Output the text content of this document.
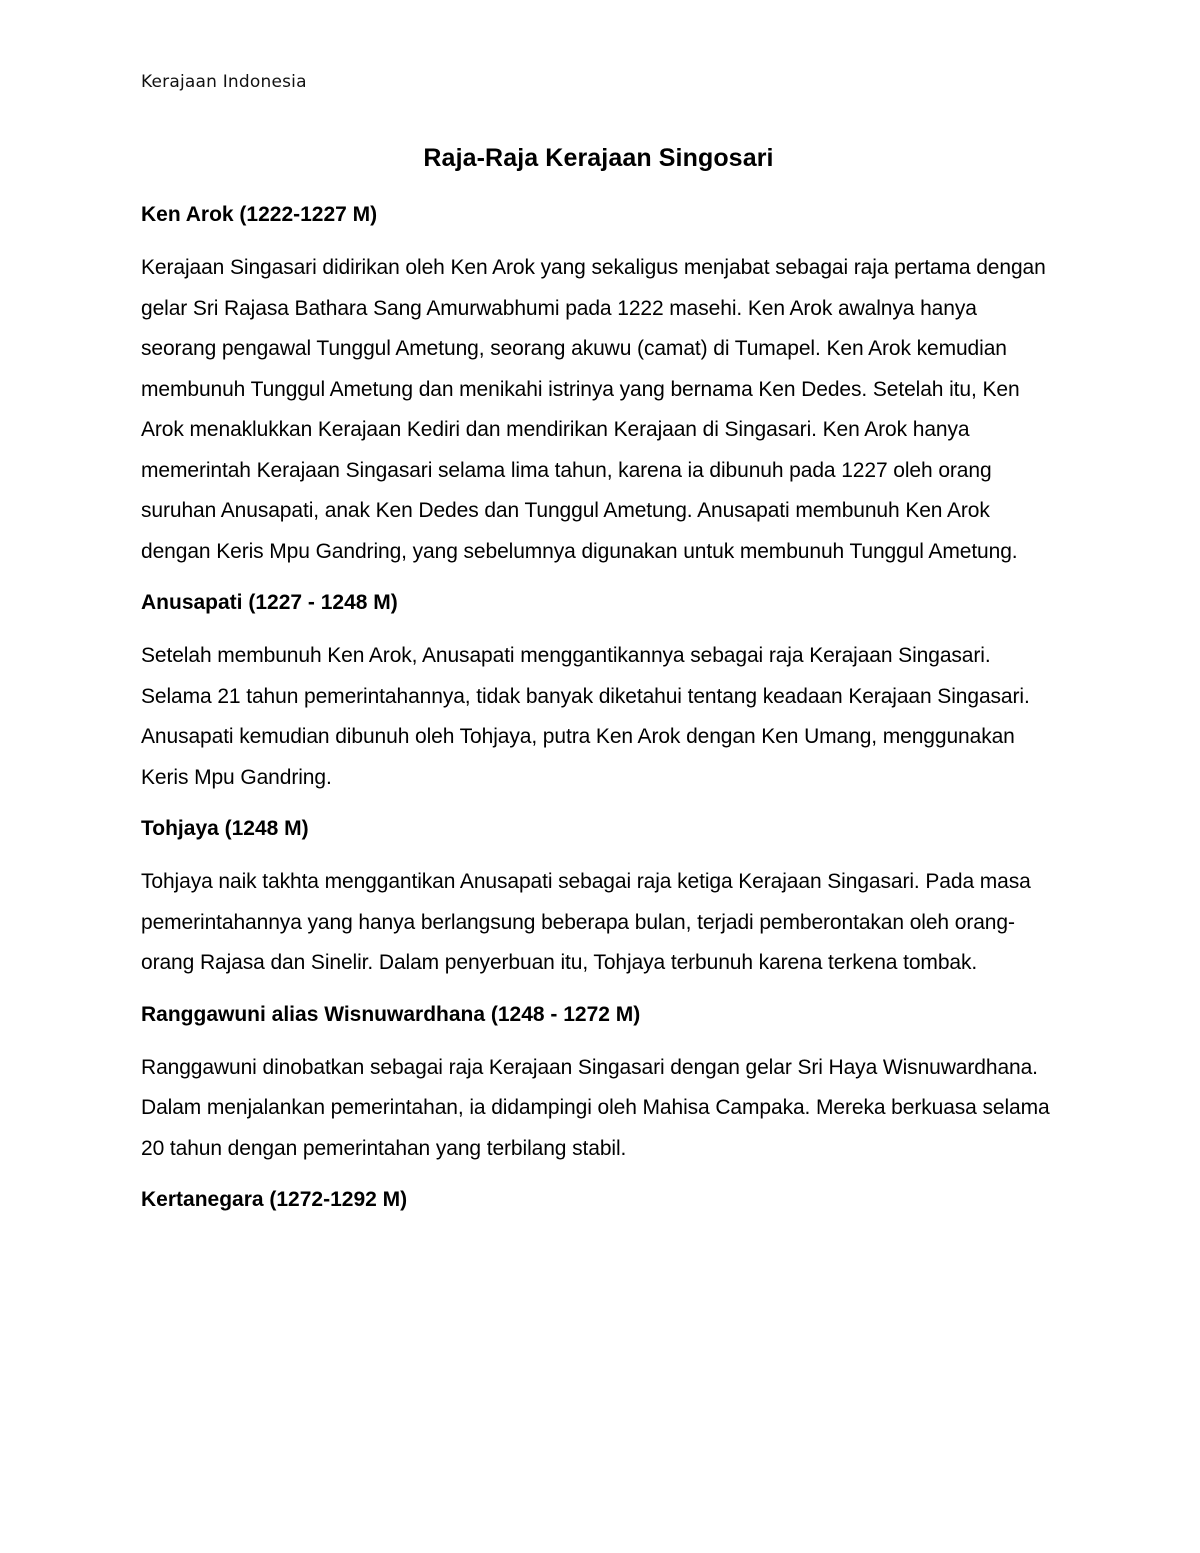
Kerajaan Indonesia
Raja-Raja Kerajaan Singosari
Ken Arok (1222-1227 M)

Kerajaan Singasari didirikan oleh Ken Arok yang sekaligus menjabat sebagai raja pertama dengan gelar Sri Rajasa Bathara Sang Amurwabhumi pada 1222 masehi. Ken Arok awalnya hanya seorang pengawal Tunggul Ametung, seorang akuwu (camat) di Tumapel. Ken Arok kemudian membunuh Tunggul Ametung dan menikahi istrinya yang bernama Ken Dedes. Setelah itu, Ken Arok menaklukkan Kerajaan Kediri dan mendirikan Kerajaan di Singasari. Ken Arok hanya memerintah Kerajaan Singasari selama lima tahun, karena ia dibunuh pada 1227 oleh orang suruhan Anusapati, anak Ken Dedes dan Tunggul Ametung. Anusapati membunuh Ken Arok dengan Keris Mpu Gandring, yang sebelumnya digunakan untuk membunuh Tunggul Ametung.

Anusapati (1227 - 1248 M)

Setelah membunuh Ken Arok, Anusapati menggantikannya sebagai raja Kerajaan Singasari. Selama 21 tahun pemerintahannya, tidak banyak diketahui tentang keadaan Kerajaan Singasari. Anusapati kemudian dibunuh oleh Tohjaya, putra Ken Arok dengan Ken Umang, menggunakan Keris Mpu Gandring.

Tohjaya (1248 M)

Tohjaya naik takhta menggantikan Anusapati sebagai raja ketiga Kerajaan Singasari. Pada masa pemerintahannya yang hanya berlangsung beberapa bulan, terjadi pemberontakan oleh orang-orang Rajasa dan Sinelir. Dalam penyerbuan itu, Tohjaya terbunuh karena terkena tombak.

Ranggawuni alias Wisnuwardhana (1248 - 1272 M)

Ranggawuni dinobatkan sebagai raja Kerajaan Singasari dengan gelar Sri Haya Wisnuwardhana. Dalam menjalankan pemerintahan, ia didampingi oleh Mahisa Campaka. Mereka berkuasa selama 20 tahun dengan pemerintahan yang terbilang stabil.

Kertanegara (1272-1292 M)
